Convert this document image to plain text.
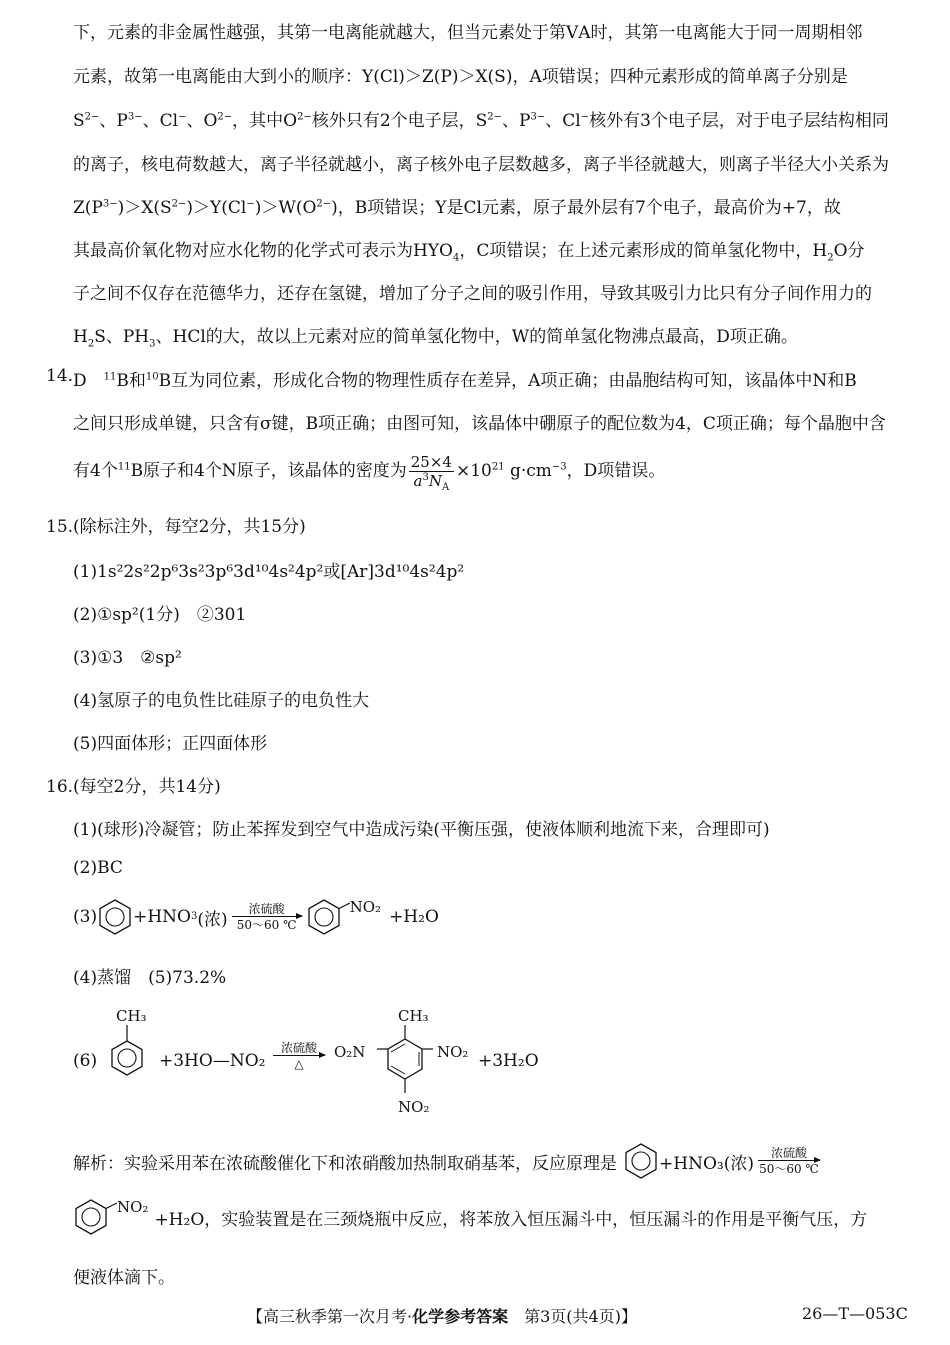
下，元素的非金属性越强，其第一电离能就越大，但当元素处于第ⅤA时，其第一电离能大于同一周期相邻
元素，故第一电离能由大到小的顺序：Y(Cl)＞Z(P)＞X(S)，A项错误；四种元素形成的简单离子分别是
$S^{2-}$、$P^{3-}$、Cl−、$O^{2-}$，其中$O^{2-}$核外只有2个电子层，$S^{2-}$、$P^{3-}$、Cl−核外有3个电子层，对于电子层结构相同
的离子，核电荷数越大，离子半径就越小，离子核外电子层数越多，离子半径就越大，则离子半径大小关系为
$Z(P^{3-})>X(S^{2-})>Y(Cl^-)>W(O^{2-})$，B项错误；Y是Cl元素，原子最外层有7个电子，最高价为+7，故
其最高价氧化物对应水化物的化学式可表示为$HYO_4$，C项错误；在上述元素形成的简单氢化物中，$H_2O$分
子之间不仅存在范德华力，还存在氢键，增加了分子之间的吸引作用，导致其吸引力比只有分子间作用力的
$H_2S$、$PH_3$、HCl的大，故以上元素对应的简单氢化物中，W的简单氢化物沸点最高，D项正确。
14. D　$^{11}$B和$^{10}$B互为同位素，形成化合物的物理性质存在差异，A项正确；由晶胞结构可知，该晶体中N和B
之间只形成单键，只含有σ键，B项正确；由图可知，该晶体中硼原子的配位数为4，C项正确；每个晶胞中含
有4个$^{11}$B原子和4个N原子，该晶体的密度为 $\frac{25\times 4}{a^3N_A} \times 10^{21}$ $g\cdot cm^{-3}$，D项错误。
15.(除标注外，每空2分，共15分)
(1)1s²2s²2p⁶3s²3p⁶3d¹⁰4s²4p²或[Ar]3d¹⁰4s²4p²
(2)①sp²(1分)　②301
(3)①3　②sp²
(4)氢原子的电负性比硅原子的电负性大
(5)四面体形；正四面体形
16.(每空2分，共14分)
(1)(球形)冷凝管；防止苯挥发到空气中造成污染(平衡压强，使液体顺利地流下来，合理即可)
(2)BC
(3) +HNO 3 (浓)
浓硫酸
50～60 ℃
NO₂ +H₂O
(4)蒸馏　(5)73.2%
(6)
CH₃
+3HO—NO₂
浓硫酸
△
O₂N
CH₃
NO₂
NO₂
+3H₂O
解析：实验采用苯在浓硫酸催化下和浓硝酸加热制取硝基苯，反应原理是 +HNO₃(浓)
浓硫酸
50～60 ℃
NO₂
+H₂O，实验装置是在三颈烧瓶中反应，将苯放入恒压漏斗中，恒压漏斗的作用是平衡气压，方
便液体滴下。
【高三秋季第一次月考·化学参考答案　第3页(共4页)】	26—T—053C
